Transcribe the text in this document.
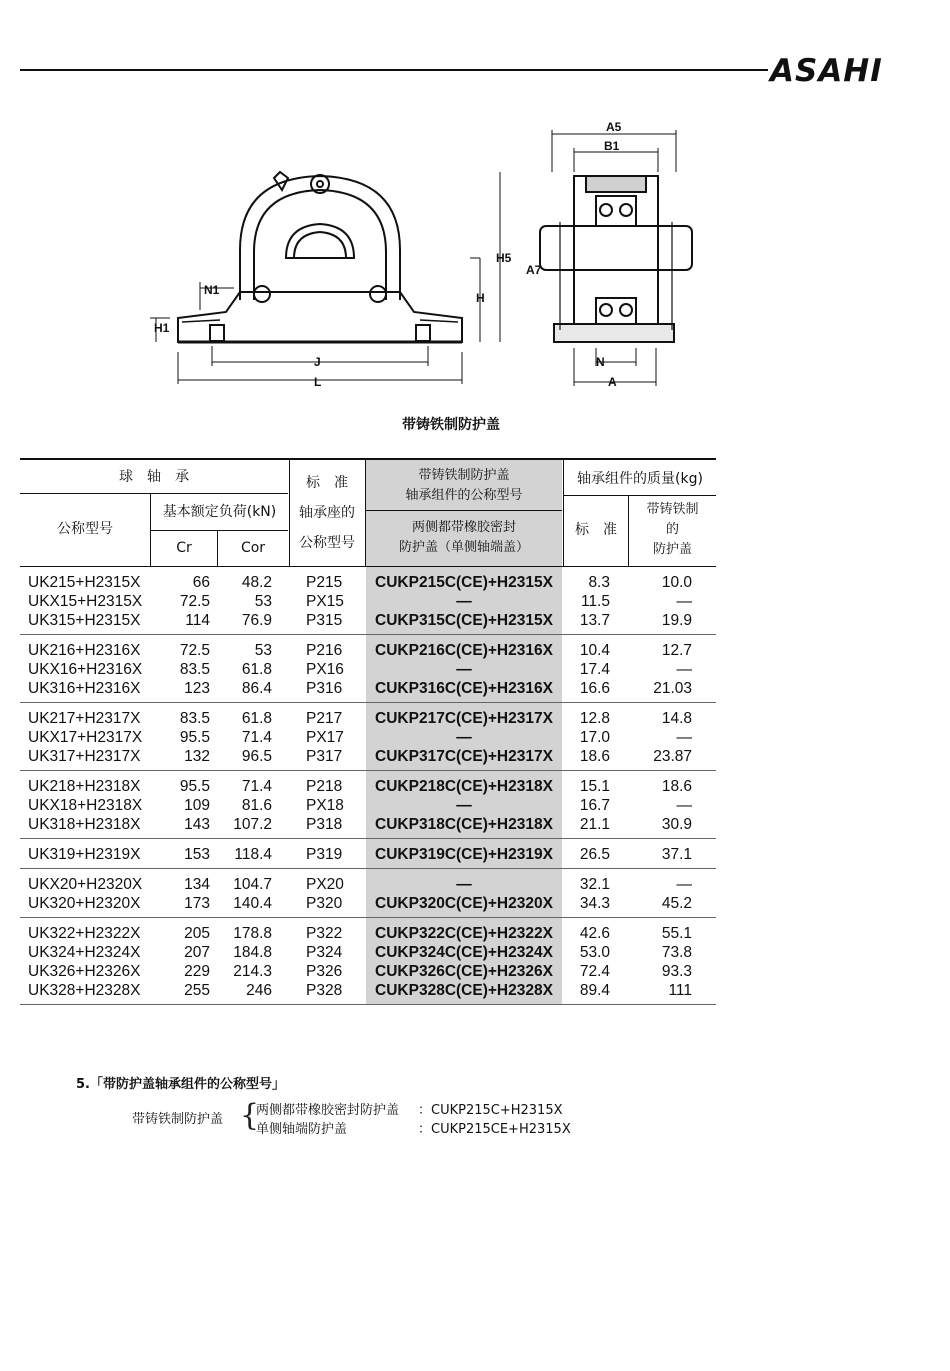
ASAHI
N1
H1
H5
H
J
L
A5
B1
A7
N
A
带铸铁制防护盖
球　轴　承
公称型号
基本额定负荷(kN)
Cr	Cor
标　准
轴承座的
公称型号
带铸铁制防护盖
轴承组件的公称型号
两侧都带橡胶密封
防护盖（单侧轴端盖）
轴承组件的质量(kg)
标　准
带铸铁制
的
防护盖
UK215+H2315X	66	48.2 P215	CUKP215C(CE)+H2315X	8.3	10.0
UKX15+H2315X	72.5	53 PX15	—	11.5	—
UK315+H2315X	114	76.9 P315	CUKP315C(CE)+H2315X	13.7	19.9
UK216+H2316X	72.5	53 P216	CUKP216C(CE)+H2316X	10.4	12.7
UKX16+H2316X	83.5	61.8 PX16	—	17.4	—
UK316+H2316X	123	86.4 P316	CUKP316C(CE)+H2316X	16.6	21.03
UK217+H2317X	83.5	61.8 P217	CUKP217C(CE)+H2317X	12.8	14.8
UKX17+H2317X	95.5	71.4 PX17	—	17.0	—
UK317+H2317X	132	96.5 P317	CUKP317C(CE)+H2317X	18.6	23.87
UK218+H2318X	95.5	71.4 P218	CUKP218C(CE)+H2318X	15.1	18.6
UKX18+H2318X	109	81.6 PX18	—	16.7	—
UK318+H2318X	143	107.2 P318	CUKP318C(CE)+H2318X	21.1	30.9
UK319+H2319X	153	118.4 P319	CUKP319C(CE)+H2319X	26.5	37.1
UKX20+H2320X	134	104.7 PX20	—	32.1	—
UK320+H2320X	173	140.4 P320	CUKP320C(CE)+H2320X	34.3	45.2
UK322+H2322X	205	178.8 P322	CUKP322C(CE)+H2322X	42.6	55.1
UK324+H2324X	207	184.8 P324	CUKP324C(CE)+H2324X	53.0	73.8
UK326+H2326X	229	214.3 P326	CUKP326C(CE)+H2326X	72.4	93.3
UK328+H2328X	255	246 P328	CUKP328C(CE)+H2328X	89.4	111
5.「带防护盖轴承组件的公称型号」
带铸铁制防护盖 {
两侧都带橡胶密封防护盖 ：CUKP215C+H2315X
单侧轴端防护盖	：CUKP215CE+H2315X
